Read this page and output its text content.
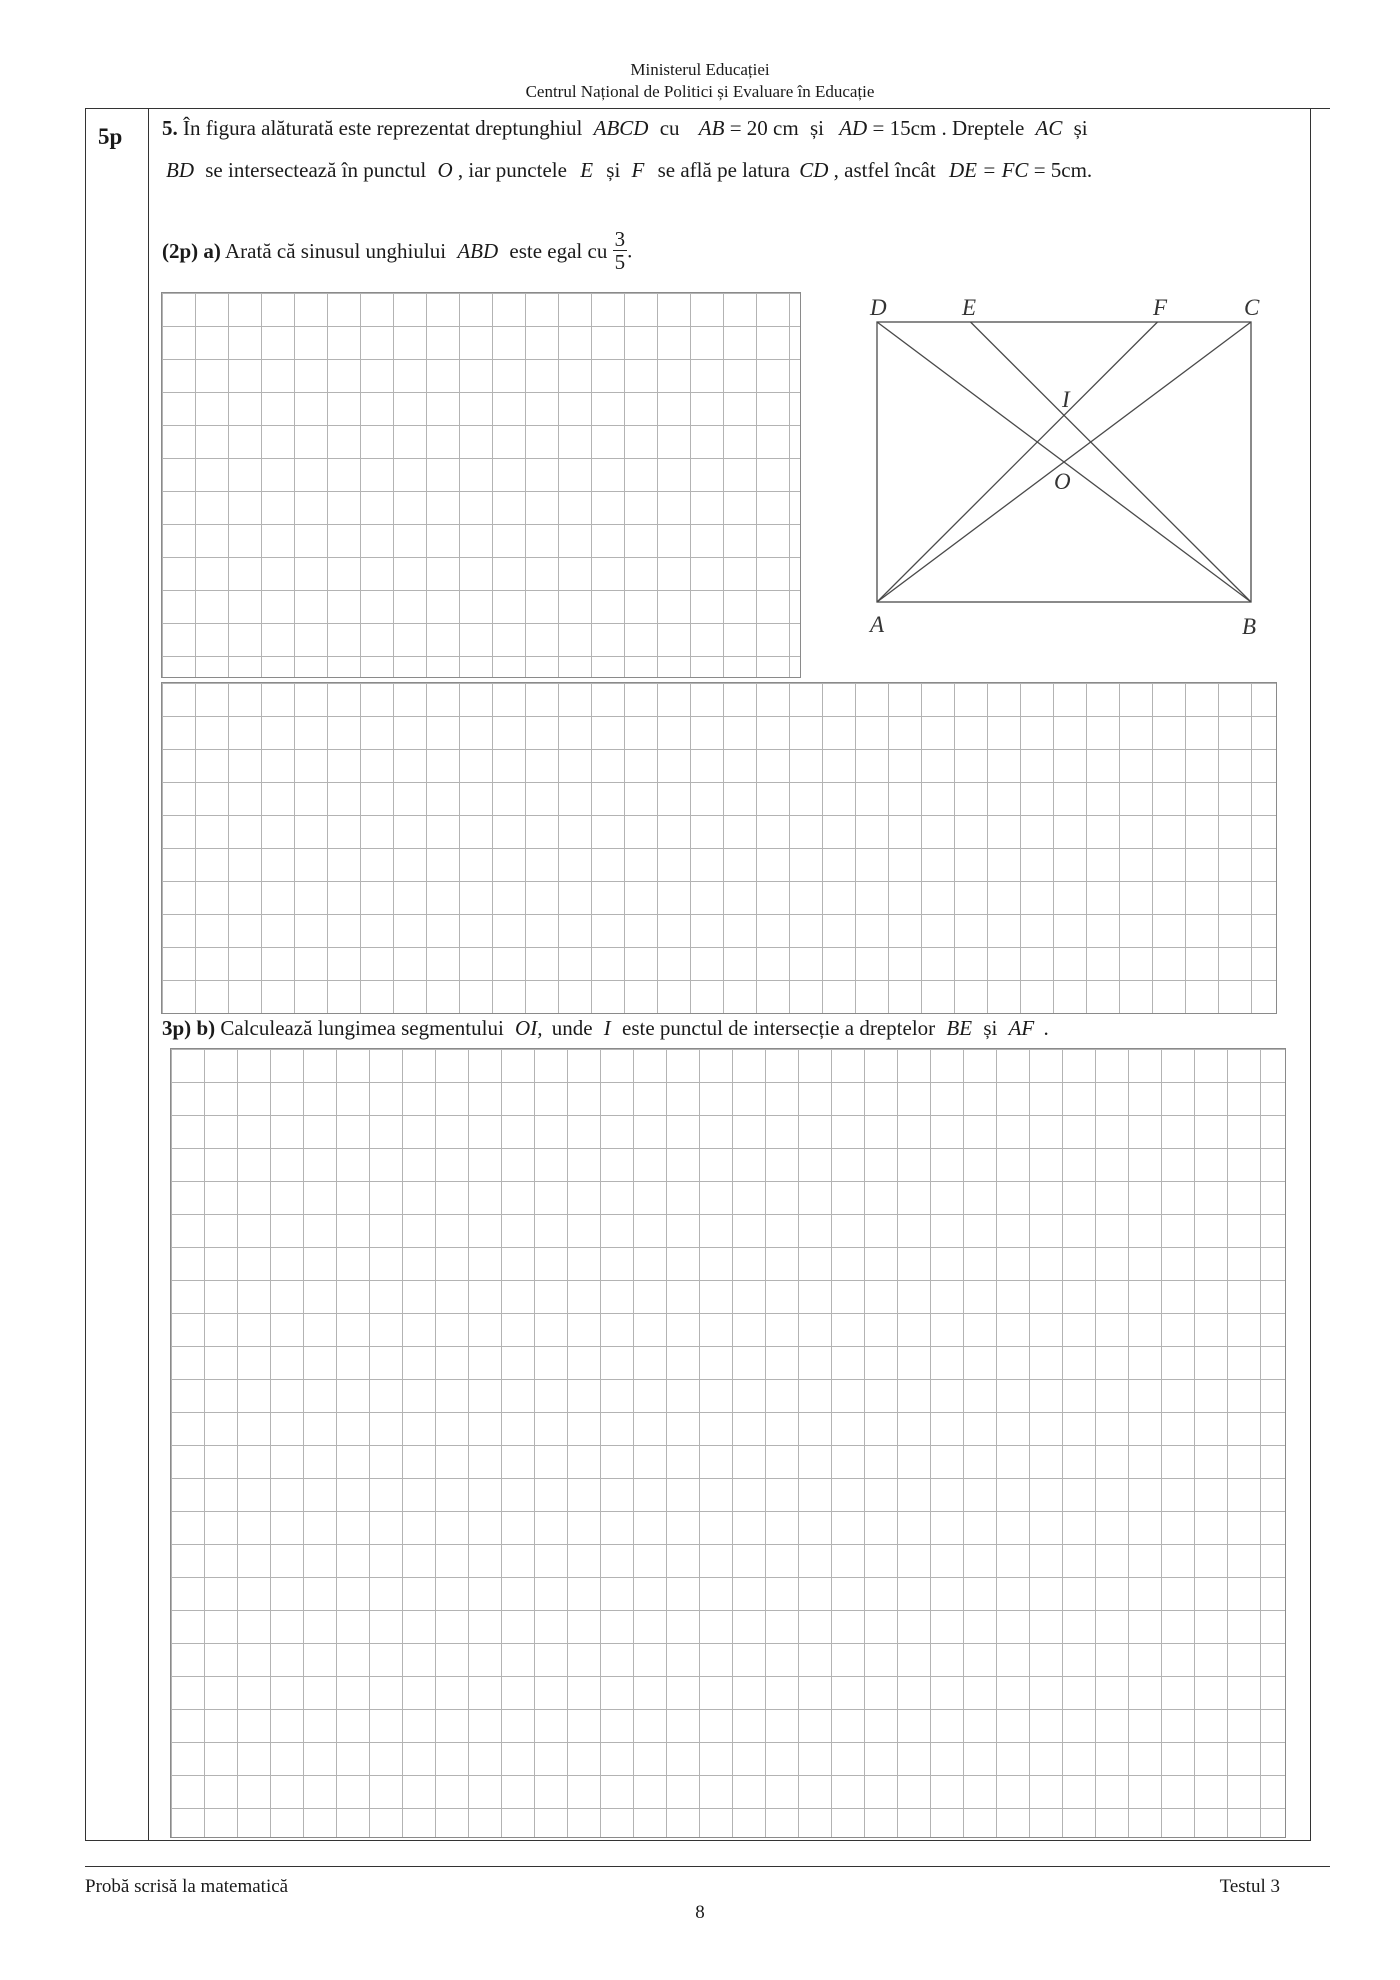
Ministerul Educației
Centrul Național de Politici și Evaluare în Educație
5p 5. În figura alăturată este reprezentat dreptunghiul ABCD cu AB = 20 cm și AD = 15cm . Dreptele AC și
BD se intersectează în punctul O , iar punctele E și F se află pe latura CD , astfel încât DE = FC = 5cm.
(2p) a) Arată că sinusul unghiului ABD este egal cu $\frac{3}{5}$ .
3p) b) Calculează lungimea segmentului OI, unde I este punctul de intersecție a dreptelor BE și AF .
D	E	F	C
I
O
A	B
Probă scrisă la matematică	Testul 3
8
